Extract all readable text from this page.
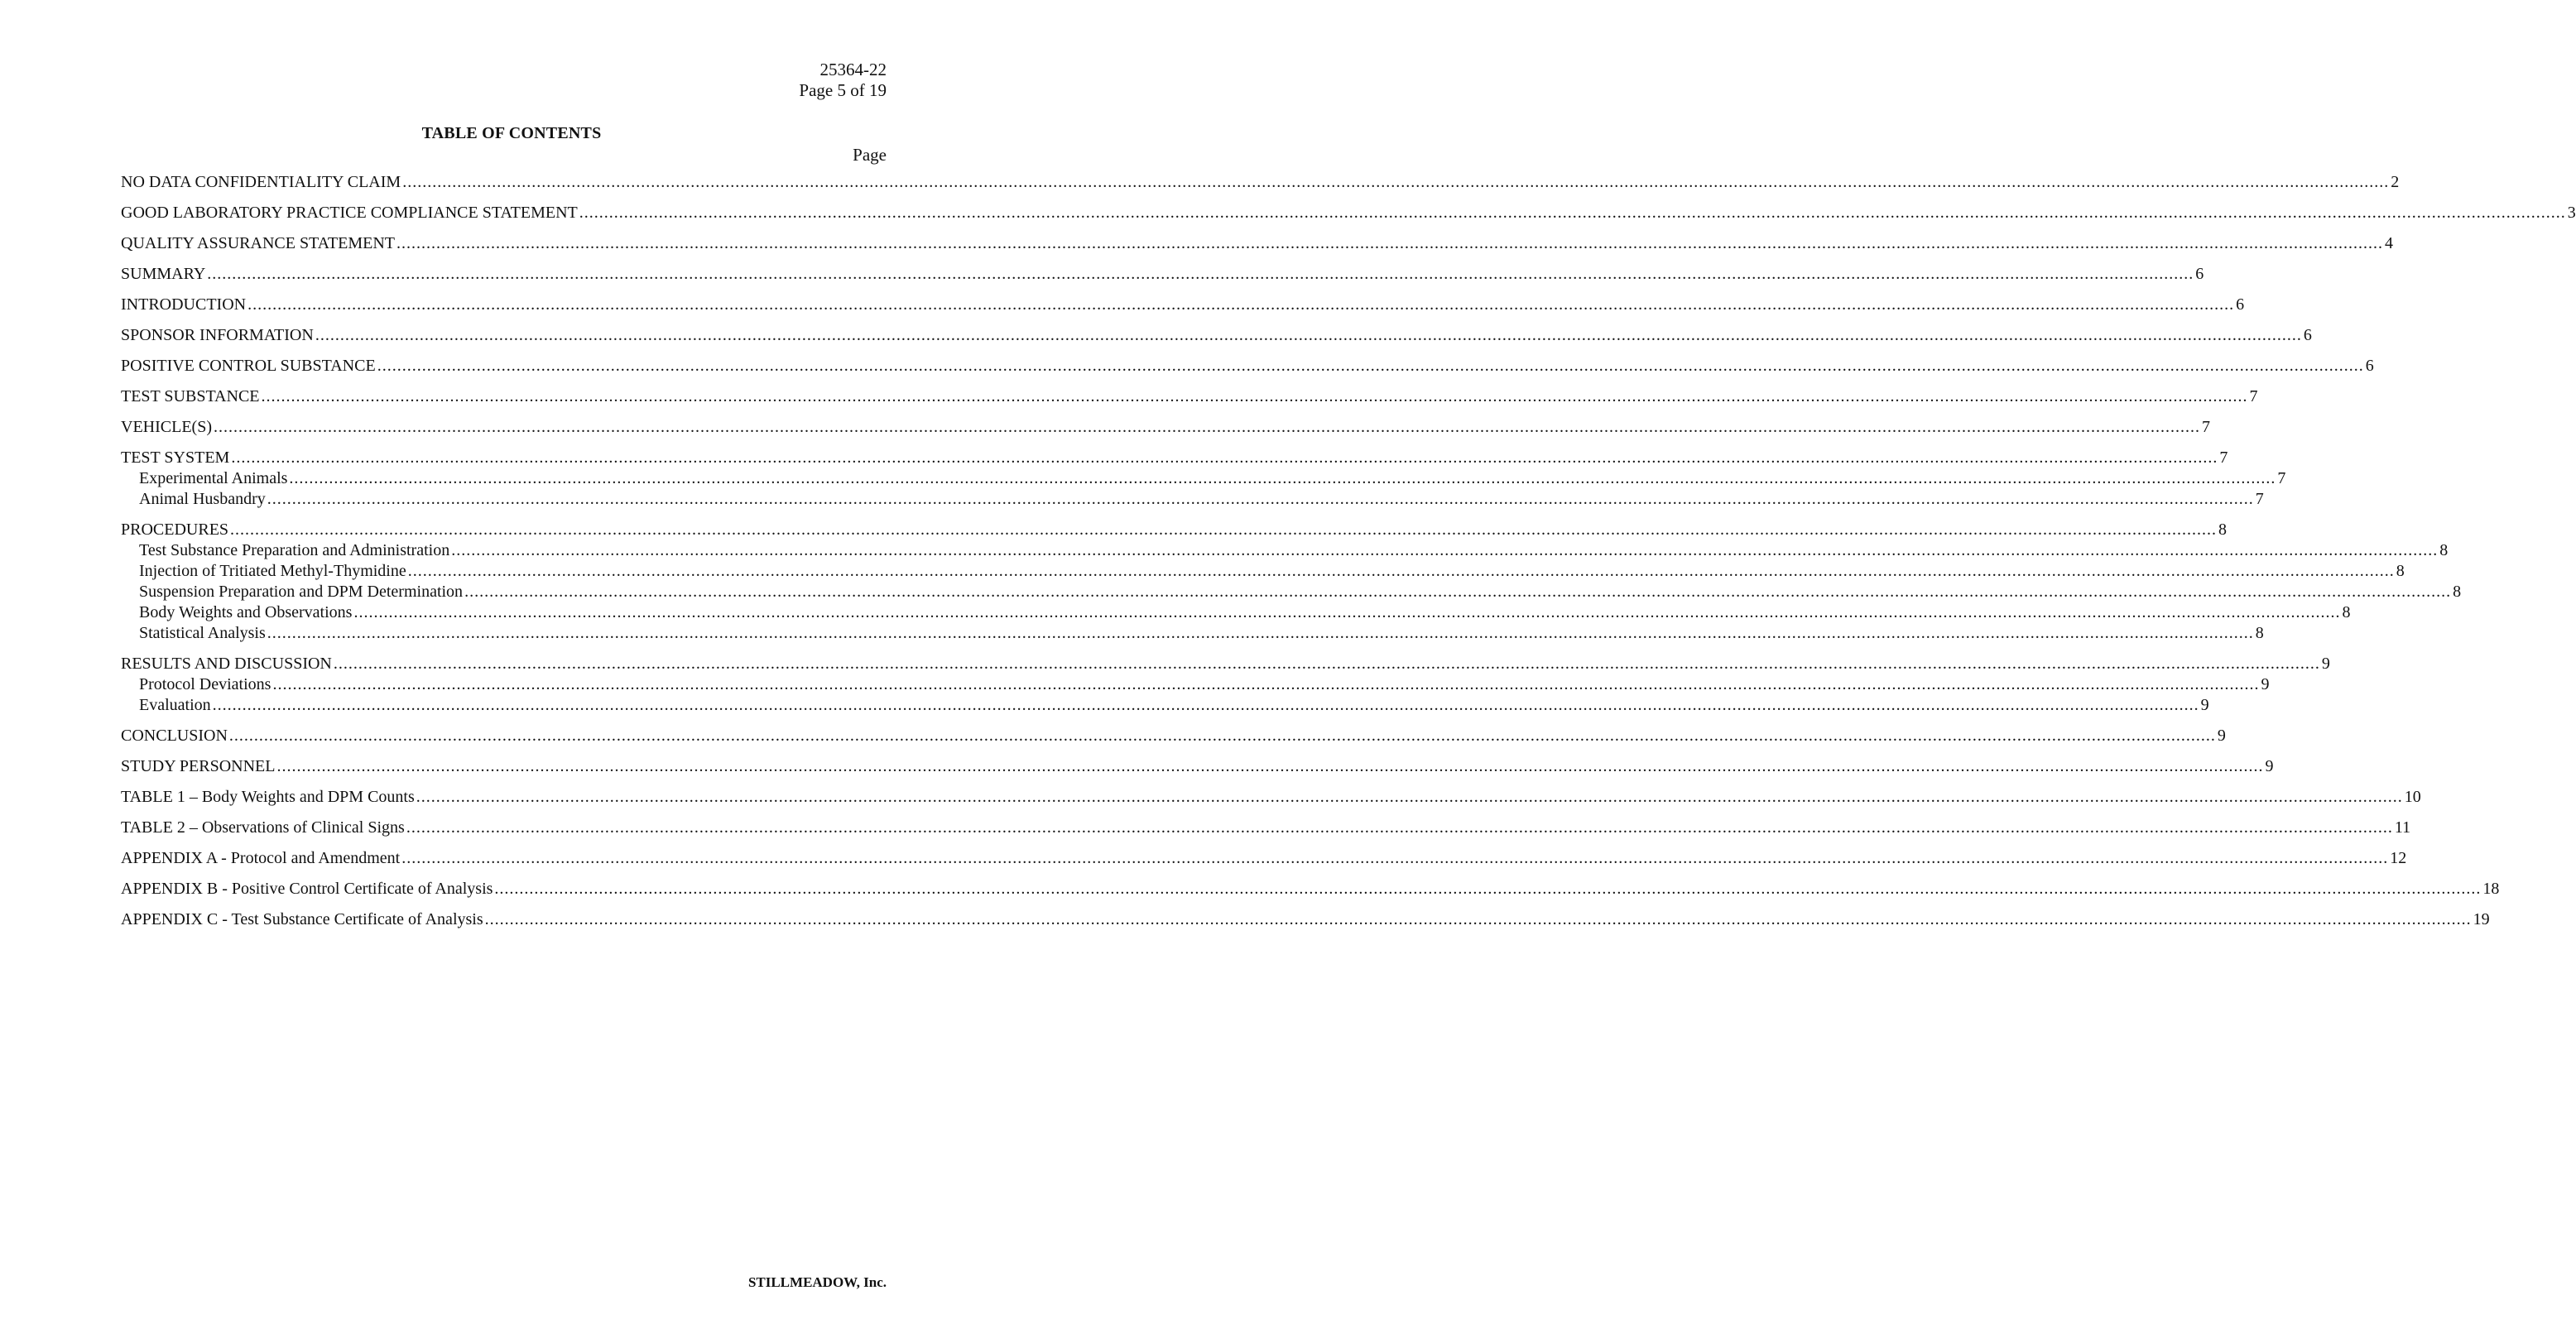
25364-22
Page 5 of 19
TABLE OF CONTENTS
Page
NO DATA CONFIDENTIALITY CLAIM ................................................................................................................................................................................................................................................................................................................................................................................................................ 2
GOOD LABORATORY PRACTICE COMPLIANCE STATEMENT ................................................................................................................................................................................................................................................................................................................................................................................................................ 3
QUALITY ASSURANCE STATEMENT ................................................................................................................................................................................................................................................................................................................................................................................................................ 4
SUMMARY ................................................................................................................................................................................................................................................................................................................................................................................................................ 6
INTRODUCTION ................................................................................................................................................................................................................................................................................................................................................................................................................ 6
SPONSOR INFORMATION ................................................................................................................................................................................................................................................................................................................................................................................................................ 6
POSITIVE CONTROL SUBSTANCE ................................................................................................................................................................................................................................................................................................................................................................................................................ 6
TEST SUBSTANCE ................................................................................................................................................................................................................................................................................................................................................................................................................ 7
VEHICLE(S) ................................................................................................................................................................................................................................................................................................................................................................................................................ 7
TEST SYSTEM ................................................................................................................................................................................................................................................................................................................................................................................................................ 7
Experimental Animals ................................................................................................................................................................................................................................................................................................................................................................................................................ 7
Animal Husbandry ................................................................................................................................................................................................................................................................................................................................................................................................................ 7
PROCEDURES ................................................................................................................................................................................................................................................................................................................................................................................................................ 8
Test Substance Preparation and Administration ................................................................................................................................................................................................................................................................................................................................................................................................................ 8
Injection of Tritiated Methyl-Thymidine ................................................................................................................................................................................................................................................................................................................................................................................................................ 8
Suspension Preparation and DPM Determination ................................................................................................................................................................................................................................................................................................................................................................................................................ 8
Body Weights and Observations ................................................................................................................................................................................................................................................................................................................................................................................................................ 8
Statistical Analysis ................................................................................................................................................................................................................................................................................................................................................................................................................ 8
RESULTS AND DISCUSSION ................................................................................................................................................................................................................................................................................................................................................................................................................ 9
Protocol Deviations ................................................................................................................................................................................................................................................................................................................................................................................................................ 9
Evaluation ................................................................................................................................................................................................................................................................................................................................................................................................................ 9
CONCLUSION ................................................................................................................................................................................................................................................................................................................................................................................................................ 9
STUDY PERSONNEL ................................................................................................................................................................................................................................................................................................................................................................................................................ 9
TABLE 1 – Body Weights and DPM Counts ................................................................................................................................................................................................................................................................................................................................................................................................................ 10
TABLE 2 – Observations of Clinical Signs ................................................................................................................................................................................................................................................................................................................................................................................................................ 11
APPENDIX A - Protocol and Amendment ................................................................................................................................................................................................................................................................................................................................................................................................................ 12
APPENDIX B - Positive Control Certificate of Analysis ................................................................................................................................................................................................................................................................................................................................................................................................................ 18
APPENDIX C - Test Substance Certificate of Analysis ................................................................................................................................................................................................................................................................................................................................................................................................................ 19
STILLMEADOW, Inc.
